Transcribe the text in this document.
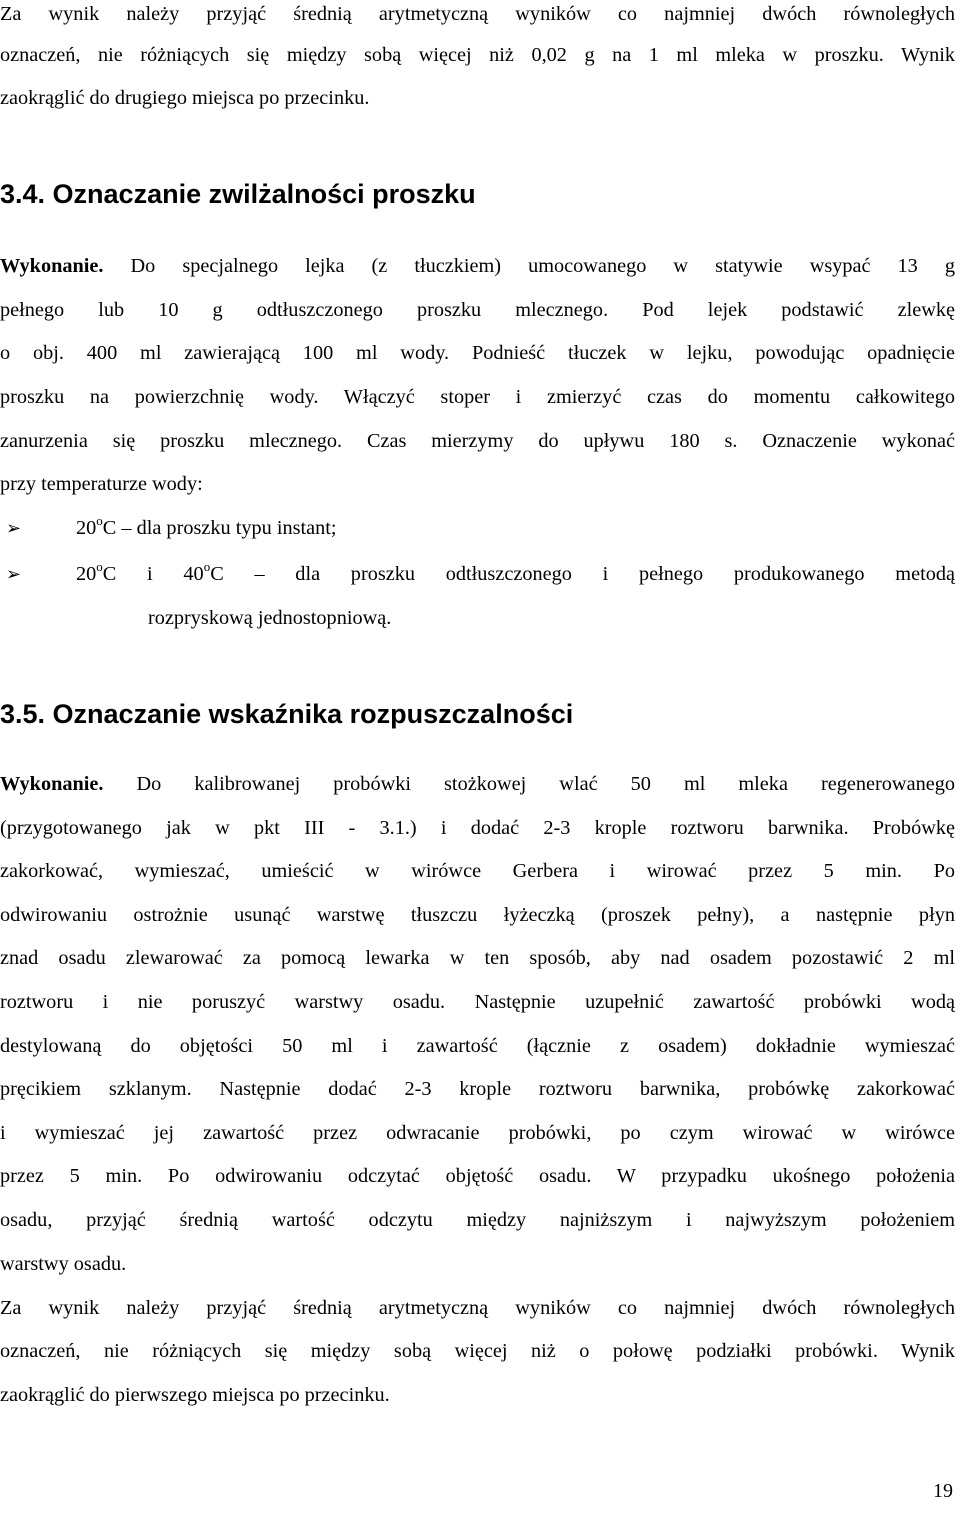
Za wynik należy przyjąć średnią arytmetyczną wyników co najmniej dwóch równoległych
oznaczeń, nie różniących się między sobą więcej niż 0,02 g na 1 ml mleka w proszku. Wynik
zaokrąglić do drugiego miejsca po przecinku.
3.4. Oznaczanie zwilżalności proszku
Wykonanie. Do specjalnego lejka (z tłuczkiem) umocowanego w statywie wsypać 13 g
pełnego lub 10 g odtłuszczonego proszku mlecznego. Pod lejek podstawić zlewkę
o obj. 400 ml zawierającą 100 ml wody. Podnieść tłuczek w lejku, powodując opadnięcie
proszku na powierzchnię wody. Włączyć stoper i zmierzyć czas do momentu całkowitego
zanurzenia się proszku mlecznego. Czas mierzymy do upływu 180 s. Oznaczenie wykonać
przy temperaturze wody:
➢	20$^o$C – dla proszku typu instant;
➢	20$^o$C i 40$^o$C – dla proszku odtłuszczonego i pełnego produkowanego metodą
rozpryskową jednostopniową.
3.5. Oznaczanie wskaźnika rozpuszczalności
Wykonanie. Do kalibrowanej probówki stożkowej wlać 50 ml mleka regenerowanego
(przygotowanego jak w pkt III - 3.1.) i dodać 2-3 krople roztworu barwnika. Probówkę
zakorkować, wymieszać, umieścić w wirówce Gerbera i wirować przez 5 min. Po
odwirowaniu ostrożnie usunąć warstwę tłuszczu łyżeczką (proszek pełny), a następnie płyn
znad osadu zlewarować za pomocą lewarka w ten sposób, aby nad osadem pozostawić 2 ml
roztworu i nie poruszyć warstwy osadu. Następnie uzupełnić zawartość probówki wodą
destylowaną do objętości 50 ml i zawartość (łącznie z osadem) dokładnie wymieszać
pręcikiem szklanym. Następnie dodać 2-3 krople roztworu barwnika, probówkę zakorkować
i wymieszać jej zawartość przez odwracanie probówki, po czym wirować w wirówce
przez 5 min. Po odwirowaniu odczytać objętość osadu. W przypadku ukośnego położenia
osadu, przyjąć średnią wartość odczytu między najniższym i najwyższym położeniem
warstwy osadu.
Za wynik należy przyjąć średnią arytmetyczną wyników co najmniej dwóch równoległych
oznaczeń, nie różniących się między sobą więcej niż o połowę podziałki probówki. Wynik
zaokrąglić do pierwszego miejsca po przecinku.
19
